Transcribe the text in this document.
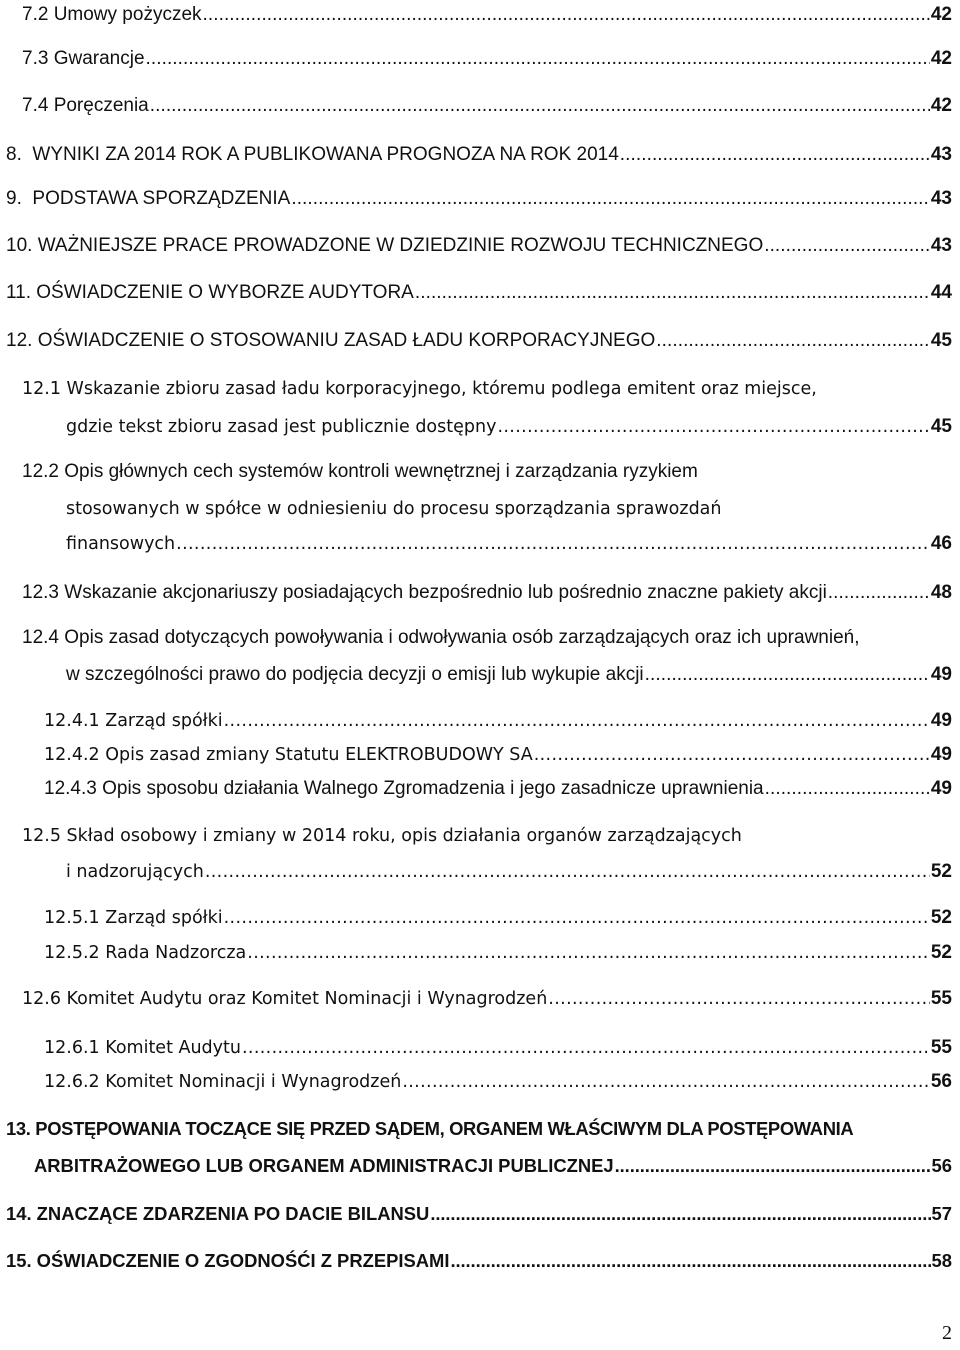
7.2 Umowy pożyczek . . .	42
7.3 Gwarancje . . .	42
7.4 Poręczenia . . .	42
8.  WYNIKI ZA 2014 ROK A PUBLIKOWANA PROGNOZA NA ROK 2014 . . .	43
9.  PODSTAWA SPORZĄDZENIA . . .	43
10. WAŻNIEJSZE PRACE PROWADZONE W DZIEDZINIE ROZWOJU TECHNICZNEGO . . .	43
11. OŚWIADCZENIE O WYBORZE AUDYTORA . . .	44
12. OŚWIADCZENIE O STOSOWANIU ZASAD ŁADU KORPORACYJNEGO . . .	45
12.1 Wskazanie zbioru zasad ładu korporacyjnego, któremu podlega emitent oraz miejsce,
gdzie tekst zbioru zasad jest publicznie dostępny . . .	45
12.2 Opis głównych cech systemów kontroli wewnętrznej i zarządzania ryzykiem
stosowanych w spółce w odniesieniu do procesu sporządzania sprawozdań
finansowych . . .	46
12.3 Wskazanie akcjonariuszy posiadających bezpośrednio lub pośrednio znaczne pakiety akcji . . .	48
12.4 Opis zasad dotyczących powoływania i odwoływania osób zarządzających oraz ich uprawnień,
w szczególności prawo do podjęcia decyzji o emisji lub wykupie akcji . . .	49
12.4.1 Zarząd spółki . . .	49
12.4.2 Opis zasad zmiany Statutu ELEKTROBUDOWY SA . . .	49
12.4.3 Opis sposobu działania Walnego Zgromadzenia i jego zasadnicze uprawnienia . . .	49
12.5 Skład osobowy i zmiany w 2014 roku, opis działania organów zarządzających
i nadzorujących . . .	52
12.5.1 Zarząd spółki . . .	52
12.5.2 Rada Nadzorcza . . .	52
12.6 Komitet Audytu oraz Komitet Nominacji i Wynagrodzeń . . .	55
12.6.1 Komitet Audytu . . .	55
12.6.2 Komitet Nominacji i Wynagrodzeń . . .	56
13. POSTĘPOWANIA TOCZĄCE SIĘ PRZED SĄDEM, ORGANEM WŁAŚCIWYM DLA POSTĘPOWANIA
ARBITRAŻOWEGO LUB ORGANEM ADMINISTRACJI PUBLICZNEJ . . .	56
14. ZNACZĄCE ZDARZENIA PO DACIE BILANSU . . .	57
15. OŚWIADCZENIE O ZGODNOŚĆI Z PRZEPISAMI . . .	58
2
